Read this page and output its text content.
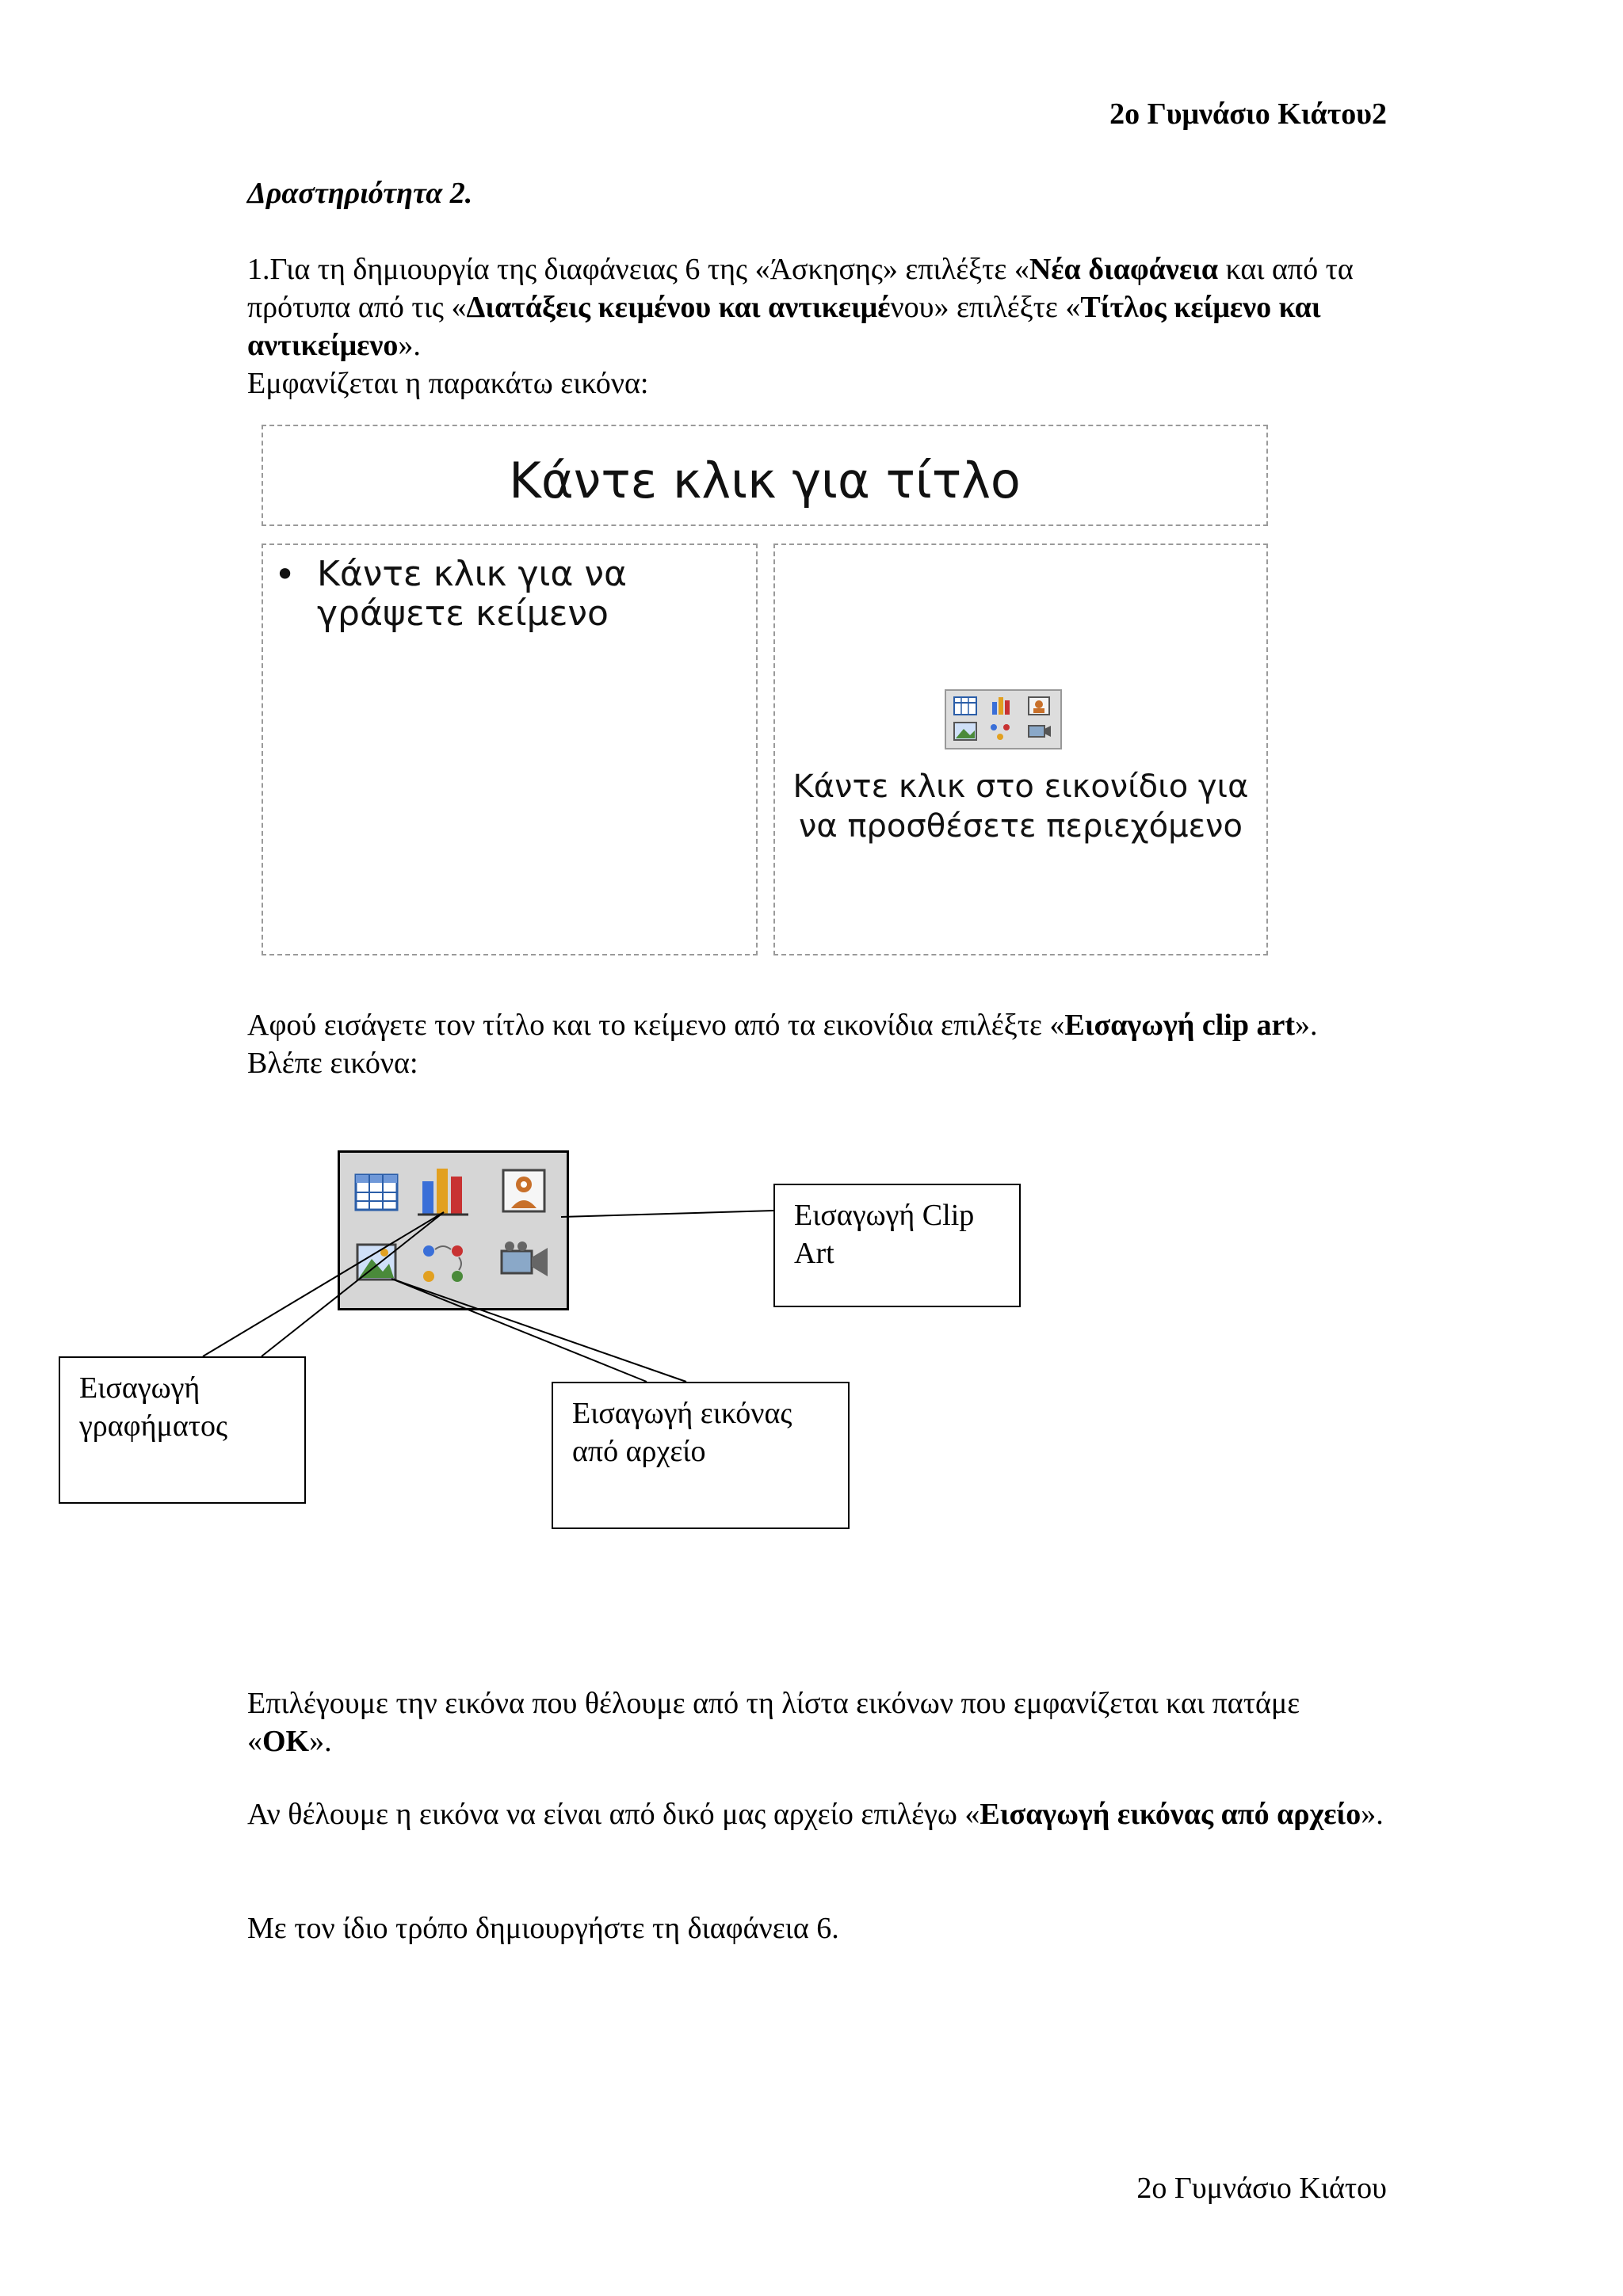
2ο Γυμνάσιο Κιάτου2
Δραστηριότητα 2.
1.Για τη δημιουργία της διαφάνειας 6 της «Άσκησης» επιλέξτε «Νέα διαφάνεια και από τα πρότυπα από τις «Διατάξεις κειμένου και αντικειμένου» επιλέξτε «Τίτλος κείμενο και αντικείμενο».
Εμφανίζεται η παρακάτω εικόνα:
Κάντε κλικ για τίτλο
• Κάντε κλικ για να γράψετε κείμενο
Κάντε κλικ στο εικονίδιο για να προσθέσετε περιεχόμενο
Αφού εισάγετε τον τίτλο και το κείμενο από τα εικονίδια επιλέξτε «Εισαγωγή clip art». Βλέπε εικόνα:
Εισαγωγή Clip Art
Εισαγωγή γραφήματος	Εισαγωγή εικόνας από αρχείο
Επιλέγουμε την εικόνα που θέλουμε από τη λίστα εικόνων που εμφανίζεται και πατάμε «OK».
Αν θέλουμε η εικόνα να είναι από δικό μας αρχείο επιλέγω «Εισαγωγή εικόνας από αρχείο».
Με τον ίδιο τρόπο δημιουργήστε τη διαφάνεια 6.
2ο Γυμνάσιο Κιάτου
